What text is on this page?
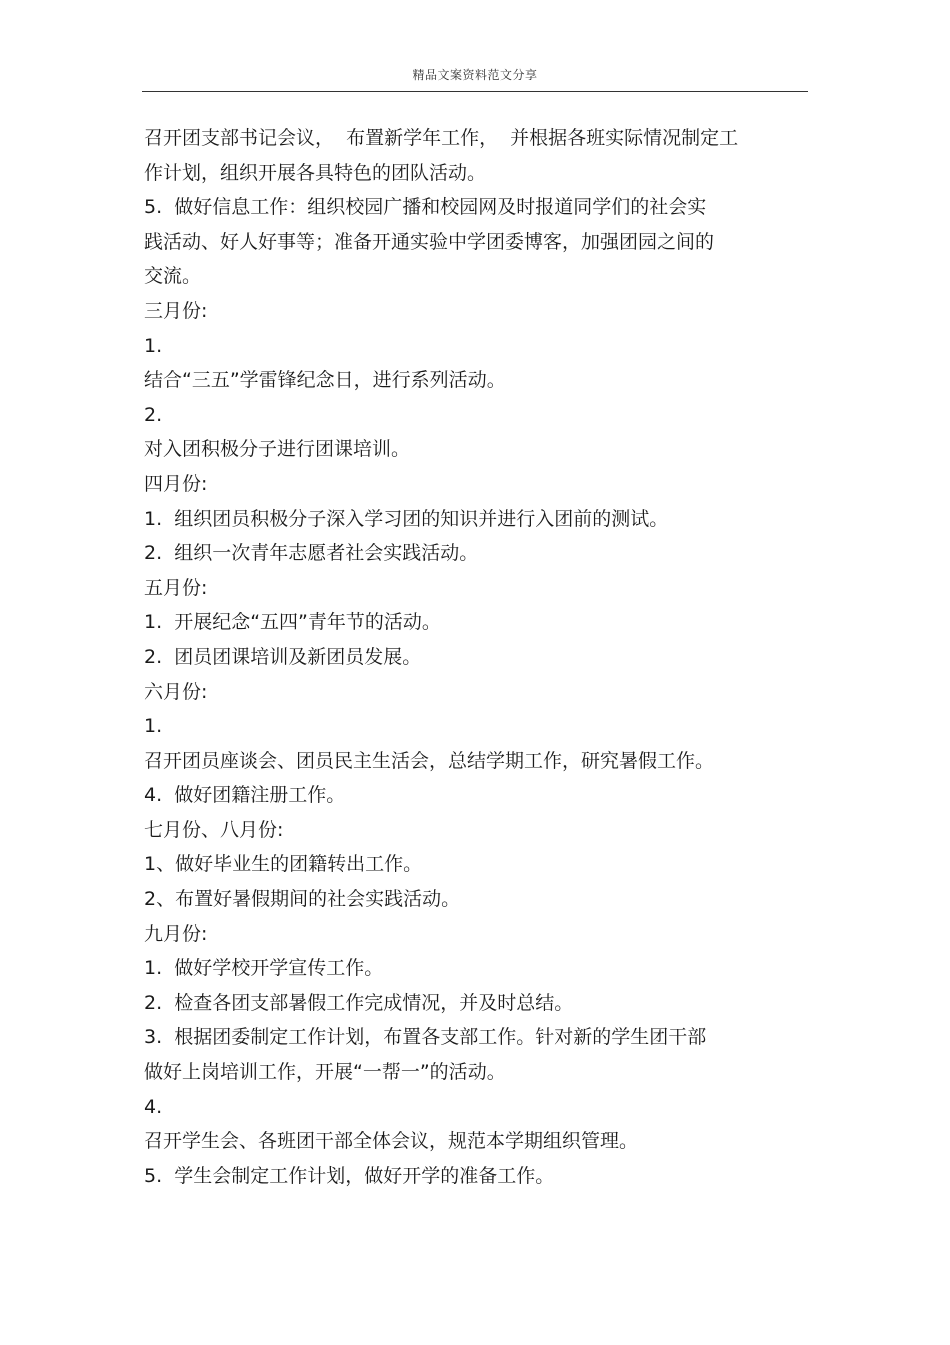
精品文案资料范文分享
召开团支部书记会议，  布置新学年工作，  并根据各班实际情况制定工
作计划，组织开展各具特色的团队活动。
5.  做好信息工作：组织校园广播和校园网及时报道同学们的社会实
践活动、好人好事等；准备开通实验中学团委博客，加强团园之间的
交流。
三月份:
1.
结合“三五”学雷锋纪念日，进行系列活动。
2.
对入团积极分子进行团课培训。
四月份:
1.  组织团员积极分子深入学习团的知识并进行入团前的测试。
2.  组织一次青年志愿者社会实践活动。
五月份:
1.  开展纪念“五四”青年节的活动。
2.  团员团课培训及新团员发展。
六月份:
1.
召开团员座谈会、团员民主生活会，总结学期工作，研究暑假工作。
4.  做好团籍注册工作。
七月份、八月份:
1、做好毕业生的团籍转出工作。
2、布置好暑假期间的社会实践活动。
九月份:
1.  做好学校开学宣传工作。
2.  检查各团支部暑假工作完成情况，并及时总结。
3.  根据团委制定工作计划，布置各支部工作。针对新的学生团干部
做好上岗培训工作，开展“一帮一”的活动。
4.
召开学生会、各班团干部全体会议，规范本学期组织管理。
5.  学生会制定工作计划，做好开学的准备工作。
